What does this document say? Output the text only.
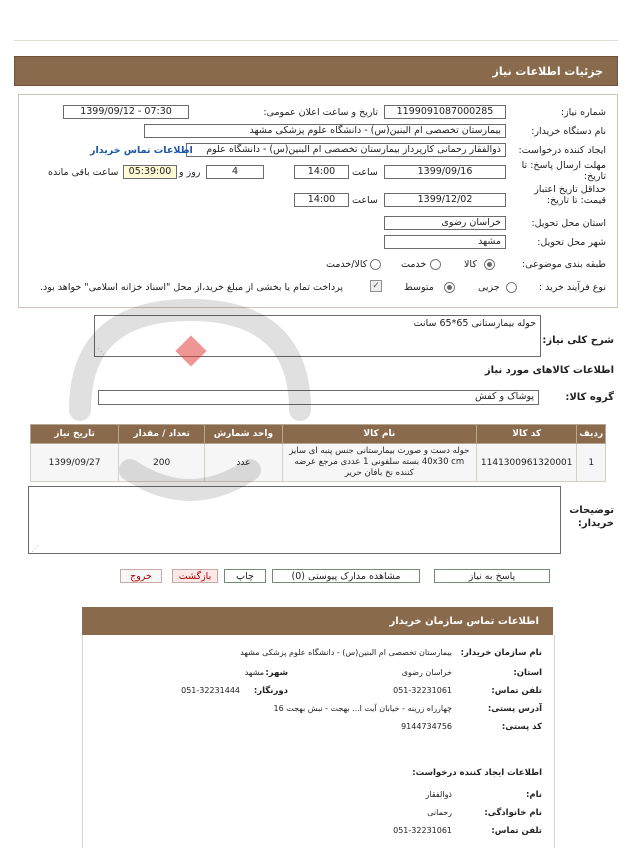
جزئیات اطلاعات نیاز
شماره نیاز:
1199091087000285
تاریخ و ساعت اعلان عمومی:
1399/09/12 - 07:30
نام دستگاه خریدار:
بیمارستان تخصصی ام البنین(س) - دانشگاه علوم پزشکی مشهد
ایجاد کننده درخواست:
ذوالفقار رحمانی کارپرداز بیمارستان تخصصی ام البنین(س) - دانشگاه علوم
اطلاعات تماس خریدار
مهلت ارسال پاسخ: تا تاریخ:
1399/09/16
ساعت
14:00
4
روز و
05:39:00
ساعت باقی مانده
حداقل تاریخ اعتبار قیمت: تا تاریخ:
1399/12/02
ساعت
14:00
استان محل تحویل:
خراسان رضوی
شهر محل تحویل:
مشهد
طبقه بندی موضوعی:
کالا
خدمت
کالا/خدمت
نوع فرآیند خرید :
جزیی
متوسط
✓
پرداخت تمام یا بخشی از مبلغ خرید،از محل "اسناد خزانه اسلامی" خواهد بود.
شرح کلی نیاز:
حوله بیمارستانی 65*65 سانت
⋰
اطلاعات کالاهای مورد نیاز
گروه کالا:
پوشاک و کفش
ردیف	کد کالا	نام کالا	واحد شمارش	تعداد / مقدار	تاریخ نیاز
1	1141300961320001	حوله دست و صورت بیمارستانی جنس پنبه ای سایز 40x30 cm بسته سلفونی 1 عددی مرجع عرضه کننده نخ بافان حریر	عدد	200	1399/09/27
توضیحات خریدار:
⋰
پاسخ به نیاز
مشاهده مدارک پیوستی (0)
چاپ
بازگشت
خروج
اطلاعات تماس سازمان خریدار
نام سازمان خریدار:
بیمارستان تخصصی ام البنین(س) - دانشگاه علوم پزشکی مشهد
استان:
خراسان رضوی
شهر:
مشهد
تلفن تماس:
051-32231061
دورنگار:
051-32231444
آدرس پستی:
چهارراه زرینه - خیابان آیت ا... بهجت - نبش بهجت 16
کد پستی:
9144734756
اطلاعات ایجاد کننده درخواست:
نام:
ذوالفقار
نام خانوادگی:
رحمانی
تلفن تماس:
051-32231061
